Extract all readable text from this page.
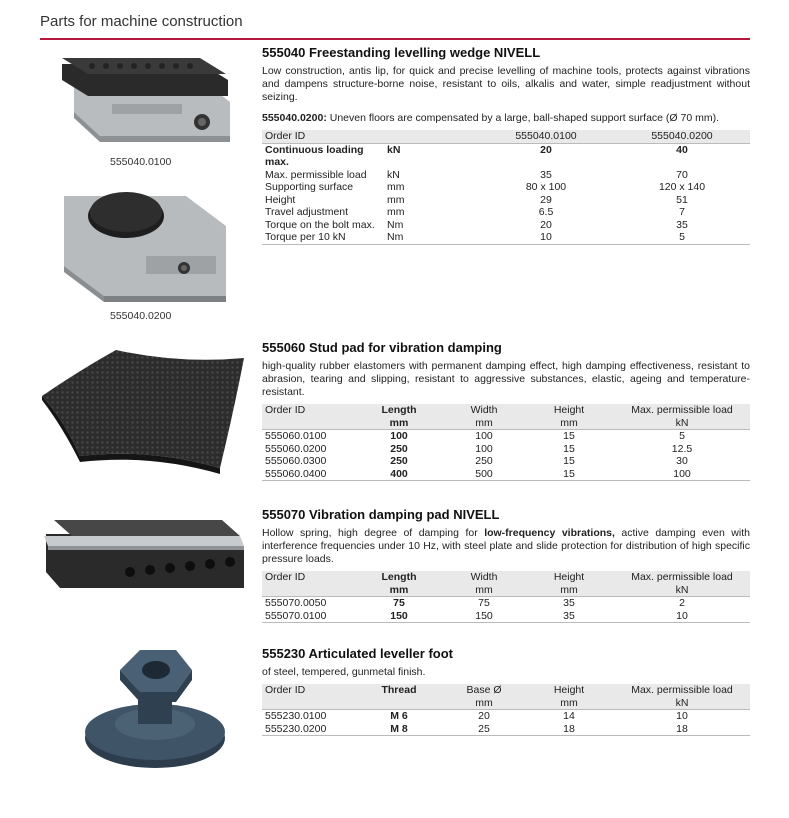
Parts for machine construction
555040.0100
555040.0200
555040 Freestanding levelling wedge NIVELL
Low construction, antis lip, for quick and precise levelling of machine tools, protects against vibrations and dampens structure-borne noise, resistant to oils, alkalis and water, simple readjustment without seizing.
555040.0200: Uneven floors are compensated by a large, ball-shaped support surface (Ø 70 mm).
Order ID		555040.0100	555040.0200
Continuous loading max.	kN	20	40
Max. permissible load	kN	35	70
Supporting surface	mm	80 x 100	120 x 140
Height	mm	29	51
Travel adjustment	mm	6.5	7
Torque on the bolt max.	Nm	20	35
Torque per 10 kN	Nm	10	5
555060 Stud pad for vibration damping
high-quality rubber elastomers with permanent damping effect, high damping effectiveness, resistant to abrasion, tearing and slipping, resistant to aggressive substances, elastic, ageing and temperature-resistant.
Order ID	Length	Width	Height	Max. permissible load
	mm	mm	mm	kN
555060.0100	100	100	15	5
555060.0200	250	100	15	12.5
555060.0300	250	250	15	30
555060.0400	400	500	15	100
555070 Vibration damping pad NIVELL
Hollow spring, high degree of damping for low-frequency vibrations, active damping even with interference frequencies under 10 Hz, with steel plate and slide protection for distribution of high specific pressure loads.
Order ID	Length	Width	Height	Max. permissible load
	mm	mm	mm	kN
555070.0050	75	75	35	2
555070.0100	150	150	35	10
555230 Articulated leveller foot
of steel, tempered, gunmetal finish.
Order ID	Thread	Base Ø	Height	Max. permissible load
		mm	mm	kN
555230.0100	M 6	20	14	10
555230.0200	M 8	25	18	18
